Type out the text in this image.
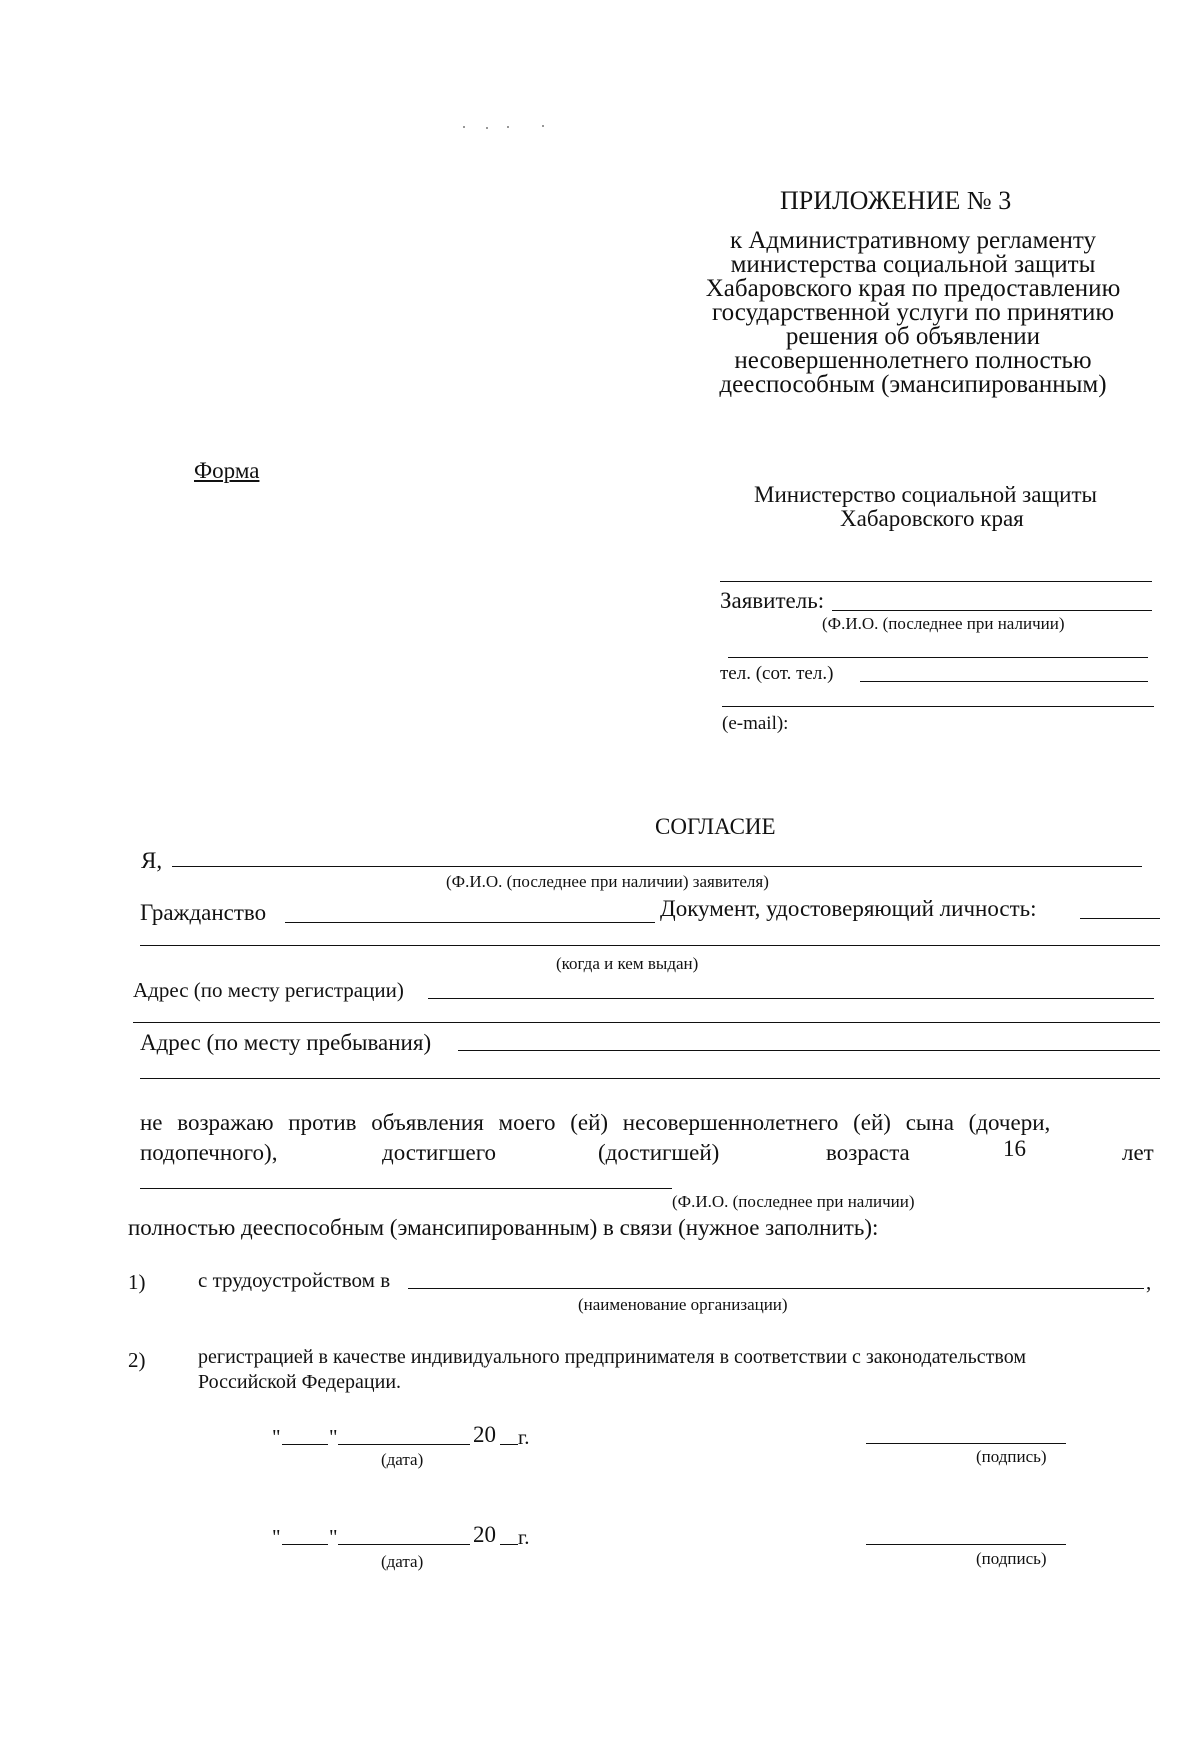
ПРИЛОЖЕНИЕ № 3
к Административному регламенту
министерства социальной защиты
Хабаровского края по предоставлению
государственной услуги по принятию
решения об объявлении
несовершеннолетнего полностью
дееспособным (эмансипированным)
Форма
Министерство социальной защиты
Хабаровского края
Заявитель:
(Ф.И.О. (последнее при наличии)
тел. (сот. тел.)
(e-mail):
СОГЛАСИЕ
Я,
(Ф.И.О. (последнее при наличии) заявителя)
Гражданство	Документ, удостоверяющий личность:
(когда и кем выдан)
Адрес (по месту регистрации)
Адрес (по месту пребывания)
не возражаю против объявления моего (ей) несовершеннолетнего (ей) сына (дочери,
подопечного),	достигшего	(достигшей)	возраста	16	лет
(Ф.И.О. (последнее при наличии)
полностью дееспособным (эмансипированным) в связи (нужное заполнить):
1)	с трудоустройством в	,
(наименование организации)
2)	регистрацией в качестве индивидуального предпринимателя в соответствии с законодательством
Российской Федерации.
" "	20 г.
(дата)	(подпись)
" "	20 г.
(дата)	(подпись)
